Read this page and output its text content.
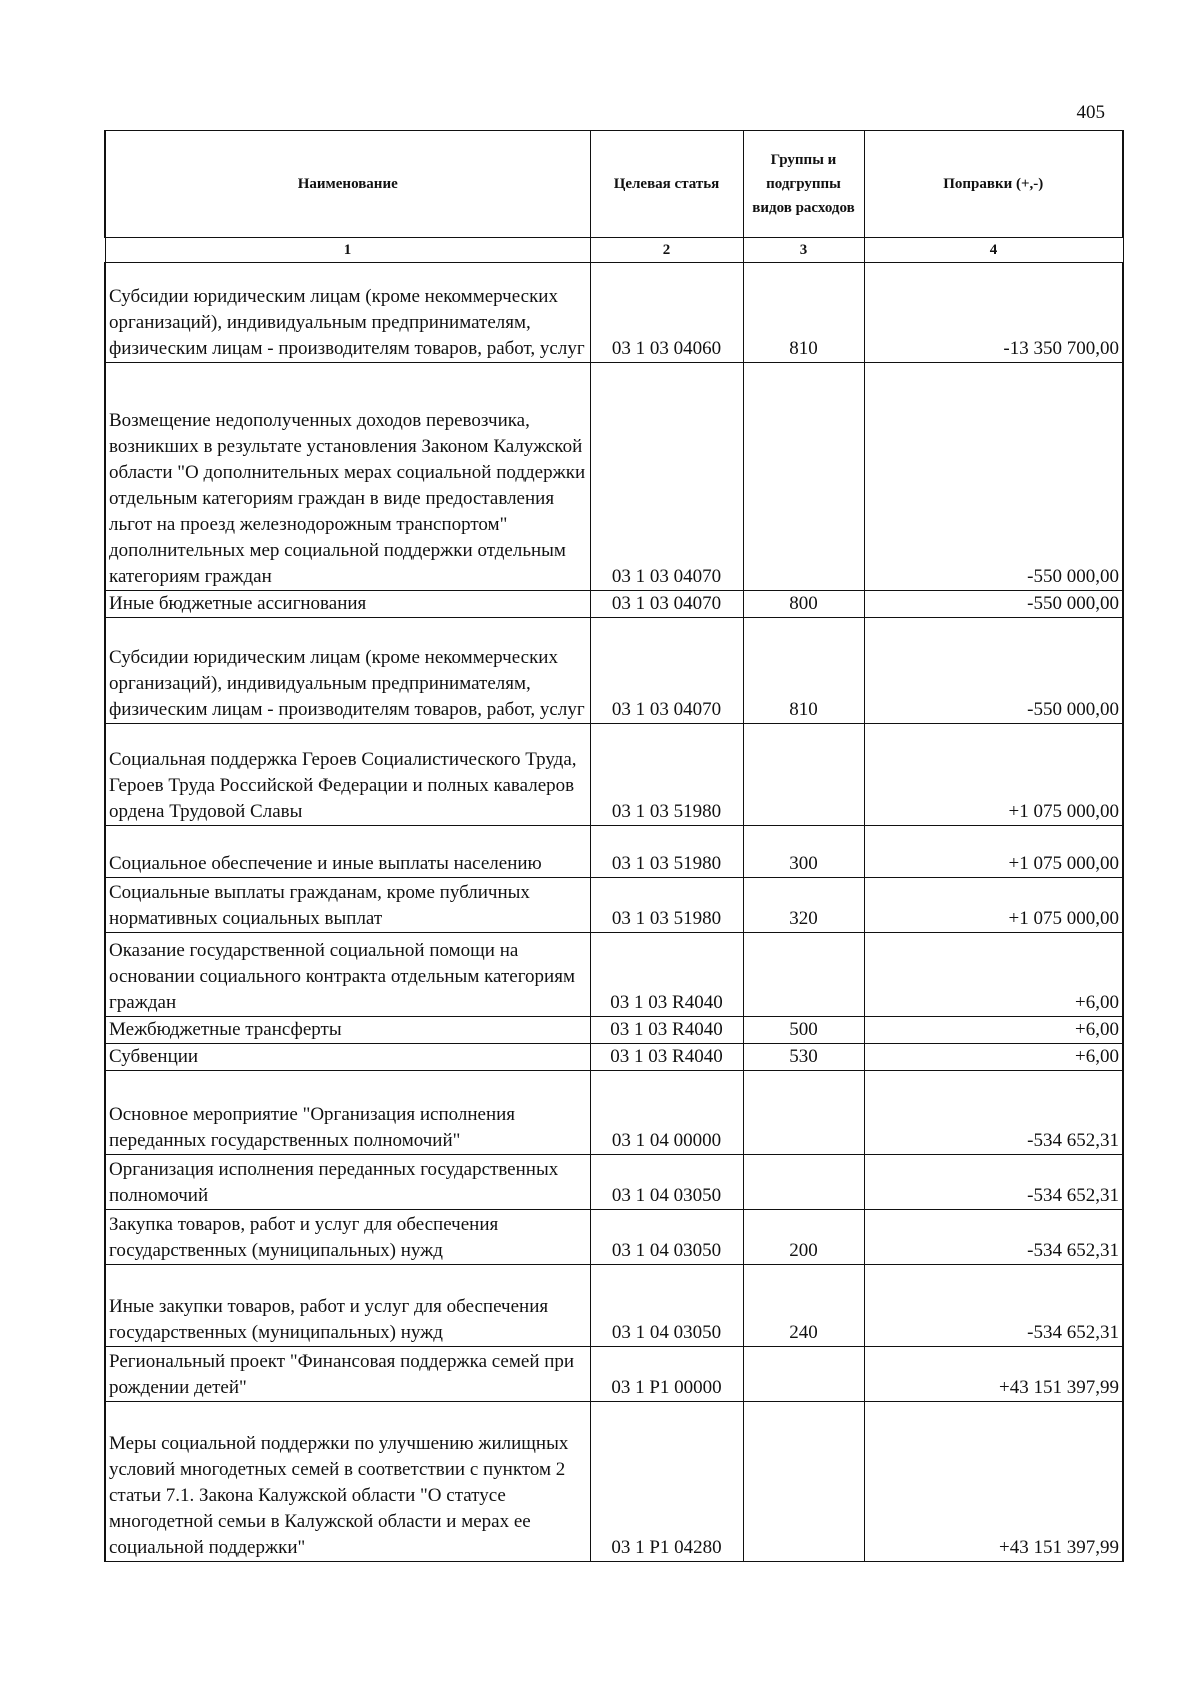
405
Наименование	Целевая статья	Группы и подгруппы видов расходов	Поправки (+,-)
1	2	3	4
Субсидии юридическим лицам (кроме некоммерческих организаций), индивидуальным предпринимателям, физическим лицам - производителям товаров, работ, услуг	03 1 03 04060	810	-13 350 700,00
Возмещение недополученных доходов перевозчика, возникших в результате установления Законом Калужской области "О дополнительных мерах социальной поддержки отдельным категориям граждан в виде предоставления льгот на проезд железнодорожным транспортом" дополнительных мер социальной поддержки отдельным категориям граждан	03 1 03 04070		-550 000,00
Иные бюджетные ассигнования	03 1 03 04070	800	-550 000,00
Субсидии юридическим лицам (кроме некоммерческих организаций), индивидуальным предпринимателям, физическим лицам - производителям товаров, работ, услуг	03 1 03 04070	810	-550 000,00
Социальная поддержка Героев Социалистического Труда, Героев Труда Российской Федерации и полных кавалеров ордена Трудовой Славы	03 1 03 51980		+1 075 000,00
Социальное обеспечение и иные выплаты населению	03 1 03 51980	300	+1 075 000,00
Социальные выплаты гражданам, кроме публичных нормативных социальных выплат	03 1 03 51980	320	+1 075 000,00
Оказание государственной социальной помощи на основании социального контракта отдельным категориям граждан	03 1 03 R4040		+6,00
Межбюджетные трансферты	03 1 03 R4040	500	+6,00
Субвенции	03 1 03 R4040	530	+6,00
Основное мероприятие "Организация исполнения переданных государственных полномочий"	03 1 04 00000		-534 652,31
Организация исполнения переданных государственных полномочий	03 1 04 03050		-534 652,31
Закупка товаров, работ и услуг для обеспечения государственных (муниципальных) нужд	03 1 04 03050	200	-534 652,31
Иные закупки товаров, работ и услуг для обеспечения государственных (муниципальных) нужд	03 1 04 03050	240	-534 652,31
Региональный проект "Финансовая поддержка семей при рождении детей"	03 1 P1 00000		+43 151 397,99
Меры социальной поддержки по улучшению жилищных условий многодетных семей в соответствии с пунктом 2 статьи 7.1. Закона Калужской области "О статусе многодетной семьи в Калужской области и мерах ее социальной поддержки"	03 1 P1 04280		+43 151 397,99
